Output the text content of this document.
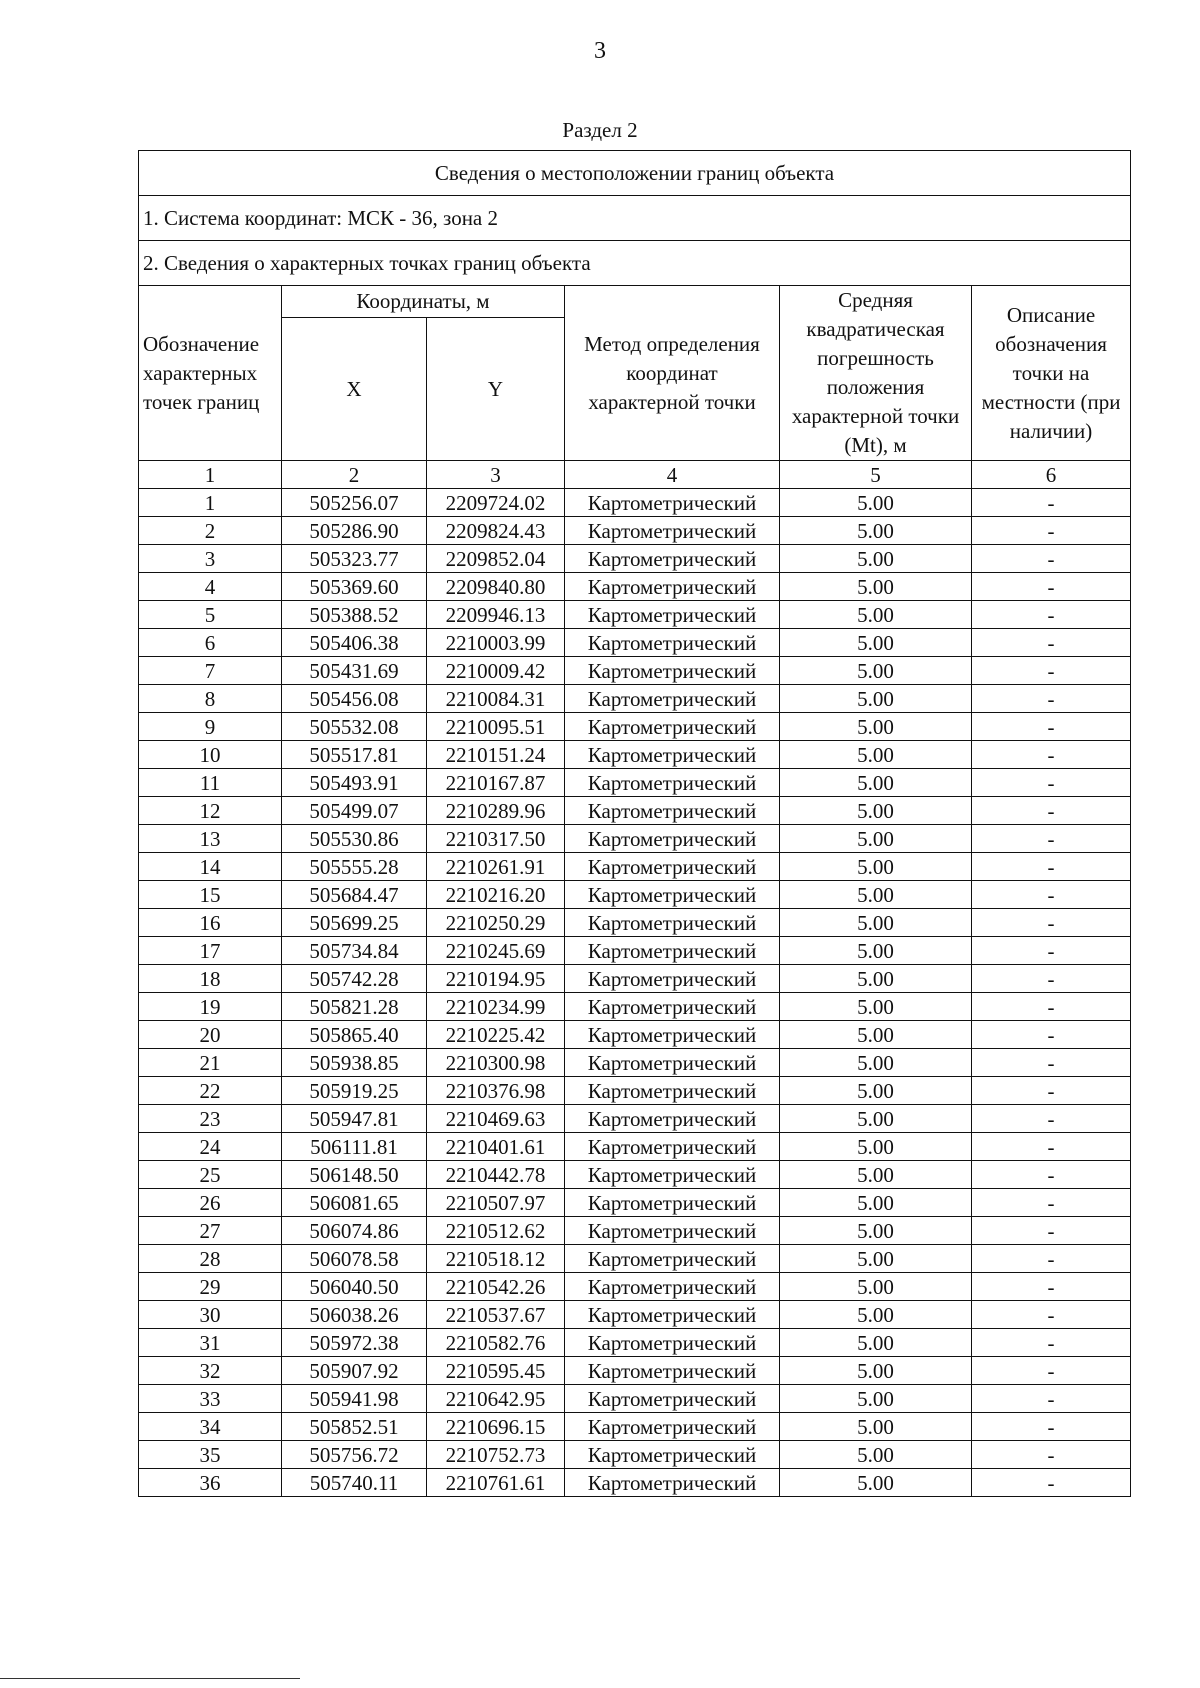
3
Раздел 2
Сведения о местоположении границ объекта					
1. Система координат: МСК - 36, зона 2					
2. Сведения о характерных точках границ объекта					
Обозначение характерных точек границ	Координаты, м		Метод определения координат характерной точки	Средняя квадратическая погрешность положения характерной точки (Mt), м	Описание обозначения точки на местности (при наличии)
	X	Y			
1	2	3	4	5	6
1	505256.07	2209724.02	Картометрический	5.00	-
2	505286.90	2209824.43	Картометрический	5.00	-
3	505323.77	2209852.04	Картометрический	5.00	-
4	505369.60	2209840.80	Картометрический	5.00	-
5	505388.52	2209946.13	Картометрический	5.00	-
6	505406.38	2210003.99	Картометрический	5.00	-
7	505431.69	2210009.42	Картометрический	5.00	-
8	505456.08	2210084.31	Картометрический	5.00	-
9	505532.08	2210095.51	Картометрический	5.00	-
10	505517.81	2210151.24	Картометрический	5.00	-
11	505493.91	2210167.87	Картометрический	5.00	-
12	505499.07	2210289.96	Картометрический	5.00	-
13	505530.86	2210317.50	Картометрический	5.00	-
14	505555.28	2210261.91	Картометрический	5.00	-
15	505684.47	2210216.20	Картометрический	5.00	-
16	505699.25	2210250.29	Картометрический	5.00	-
17	505734.84	2210245.69	Картометрический	5.00	-
18	505742.28	2210194.95	Картометрический	5.00	-
19	505821.28	2210234.99	Картометрический	5.00	-
20	505865.40	2210225.42	Картометрический	5.00	-
21	505938.85	2210300.98	Картометрический	5.00	-
22	505919.25	2210376.98	Картометрический	5.00	-
23	505947.81	2210469.63	Картометрический	5.00	-
24	506111.81	2210401.61	Картометрический	5.00	-
25	506148.50	2210442.78	Картометрический	5.00	-
26	506081.65	2210507.97	Картометрический	5.00	-
27	506074.86	2210512.62	Картометрический	5.00	-
28	506078.58	2210518.12	Картометрический	5.00	-
29	506040.50	2210542.26	Картометрический	5.00	-
30	506038.26	2210537.67	Картометрический	5.00	-
31	505972.38	2210582.76	Картометрический	5.00	-
32	505907.92	2210595.45	Картометрический	5.00	-
33	505941.98	2210642.95	Картометрический	5.00	-
34	505852.51	2210696.15	Картометрический	5.00	-
35	505756.72	2210752.73	Картометрический	5.00	-
36	505740.11	2210761.61	Картометрический	5.00	-
